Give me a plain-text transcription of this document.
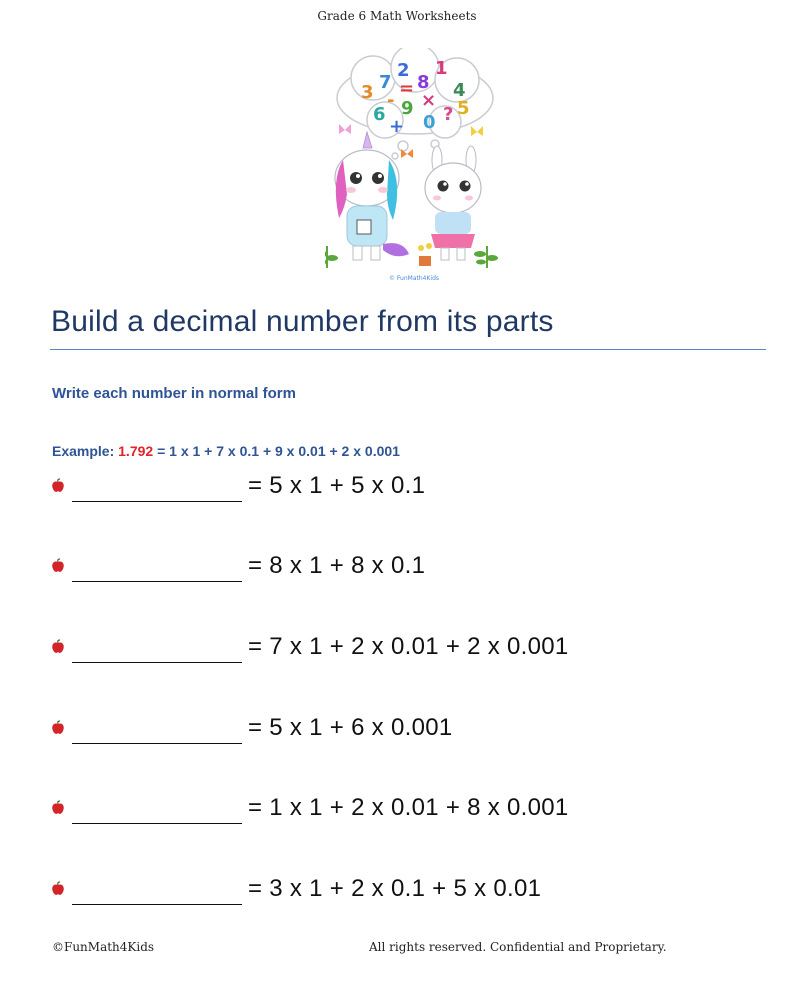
Grade 6 Math Worksheets
3 7
2
8
1
6 9
0 ? 5
4
=
+
- ×
© FunMath4Kids
Build a decimal number from its parts
Write each number in normal form
Example: 1.792 = 1 x 1 + 7 x 0.1 + 9 x 0.01 + 2 x 0.001
= 5 x 1 + 5 x 0.1
= 8 x 1 + 8 x 0.1
= 7 x 1 + 2 x 0.01 + 2 x 0.001
= 5 x 1 + 6 x 0.001
= 1 x 1 + 2 x 0.01 + 8 x 0.001
= 3 x 1 + 2 x 0.1 + 5 x 0.01
©FunMath4Kids	All rights reserved. Confidential and Proprietary.
